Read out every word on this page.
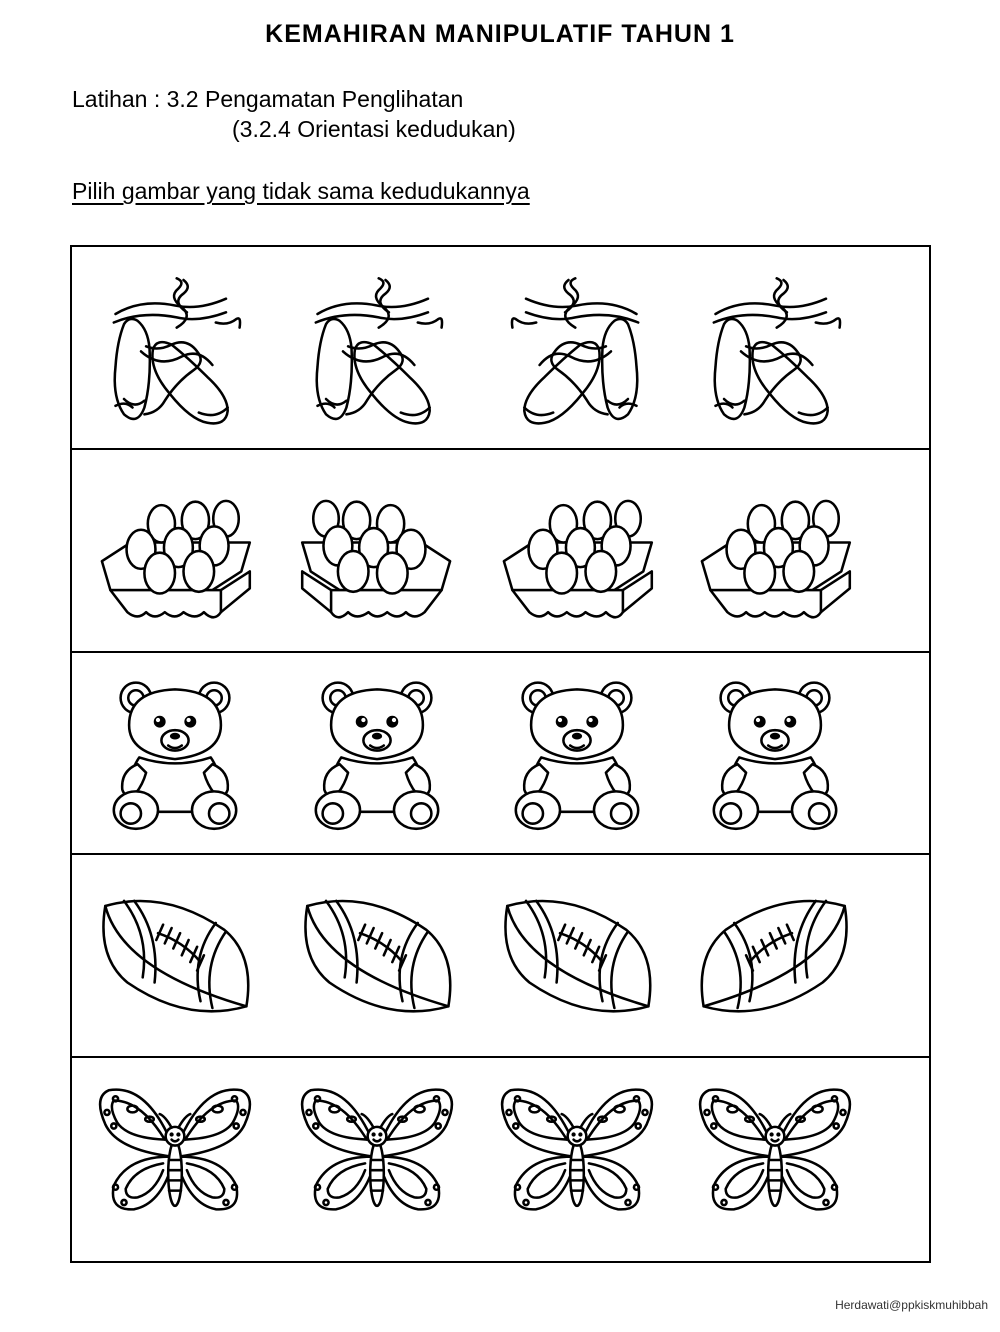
KEMAHIRAN MANIPULATIF TAHUN 1
Latihan : 3.2 Pengamatan Penglihatan
(3.2.4 Orientasi kedudukan)
Pilih gambar yang tidak sama kedudukannya
Herdawati@ppkiskmuhibbah
